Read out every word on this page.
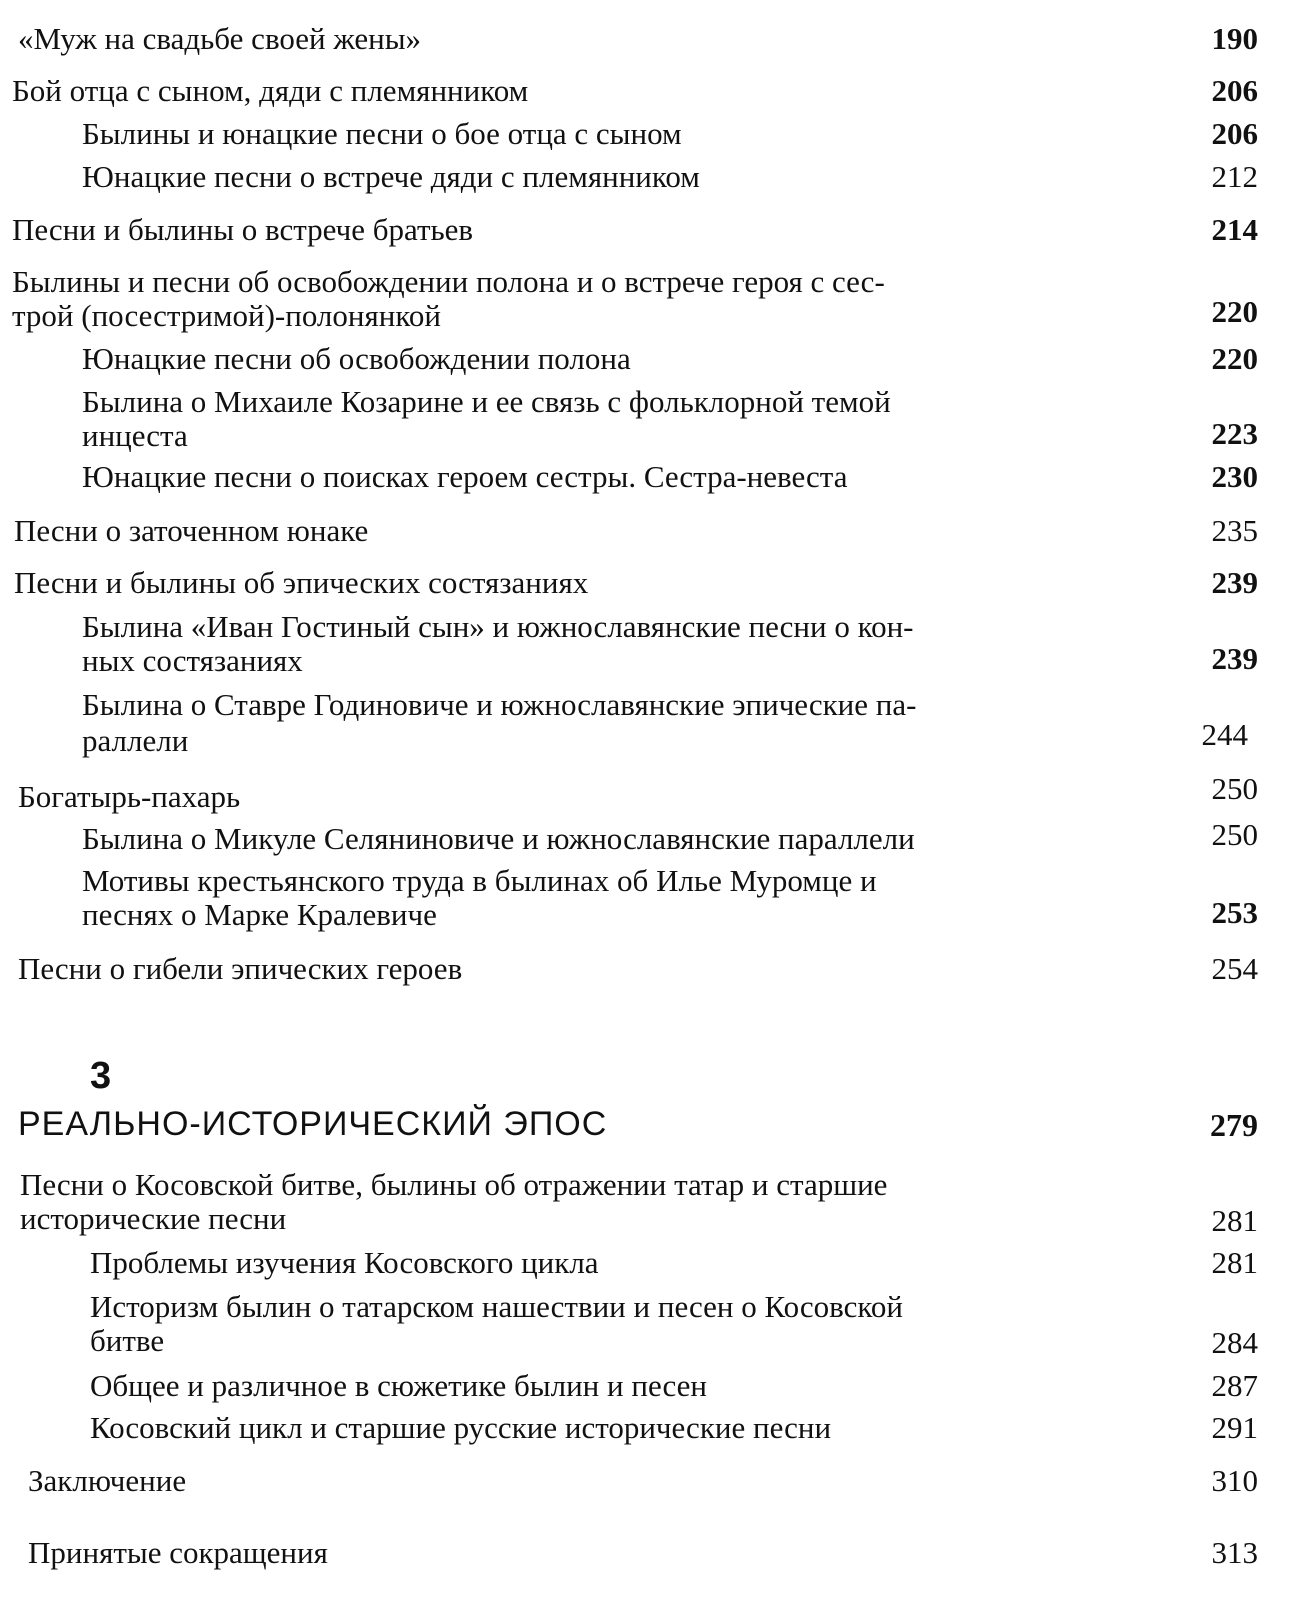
«Муж на свадьбе своей жены»	190
Бой отца с сыном, дяди с племянником	206
Былины и юнацкие песни о бое отца с сыном	206
Юнацкие песни о встрече дяди с племянником	212
Песни и былины о встрече братьев	214
Былины и песни об освобождении полона и о встрече героя с сес-
трой (посестримой)-полонянкой	220
Юнацкие песни об освобождении полона	220
Былина о Михаиле Козарине и ее связь с фольклорной темой
инцеста	223
Юнацкие песни о поисках героем сестры. Сестра-невеста	230
Песни о заточенном юнаке	235
Песни и былины об эпических состязаниях	239
Былина «Иван Гостиный сын» и южнославянские песни о кон-
ных состязаниях	239
Былина о Ставре Годиновиче и южнославянские эпические па-
раллели	244
Богатырь-пахарь	250
Былина о Микуле Селяниновиче и южнославянские параллели	250
Мотивы крестьянского труда в былинах об Илье Муромце и
песнях о Марке Кралевиче	253
Песни о гибели эпических героев	254
3
РЕАЛЬНО-ИСТОРИЧЕСКИЙ ЭПОС	279
Песни о Косовской битве, былины об отражении татар и старшие
исторические песни	281
Проблемы изучения Косовского цикла	281
Историзм былин о татарском нашествии и песен о Косовской
битве	284
Общее и различное в сюжетике былин и песен	287
Косовский цикл и старшие русские исторические песни	291
Заключение	310
Принятые сокращения	313
